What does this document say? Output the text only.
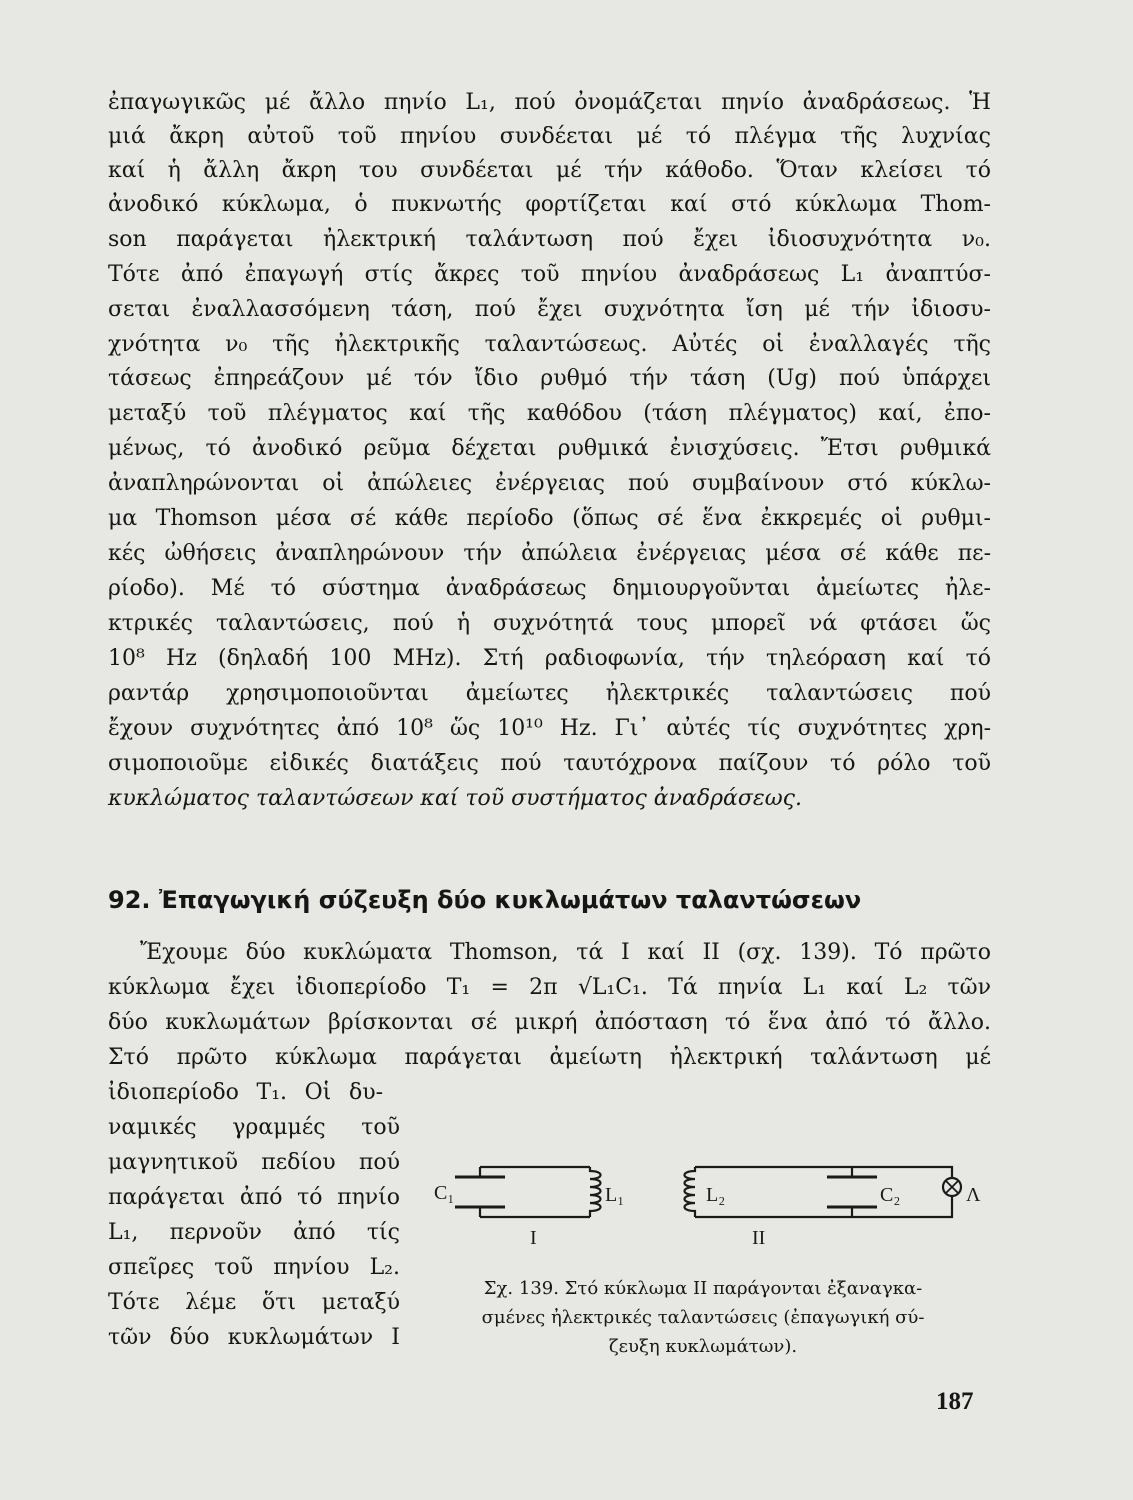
ἐπαγωγικῶς μέ ἄλλο πηνίο L₁, πού ὀνομάζεται πηνίο ἀναδράσεως. Ἡ
μιά ἄκρη αὐτοῦ τοῦ πηνίου συνδέεται μέ τό πλέγμα τῆς λυχνίας
καί ἡ ἄλλη ἄκρη του συνδέεται μέ τήν κάθοδο. Ὅταν κλείσει τό
ἀνοδικό κύκλωμα, ὁ πυκνωτής φορτίζεται καί στό κύκλωμα Thom-
son παράγεται ἠλεκτρική ταλάντωση πού ἔχει ἰδιοσυχνότητα ν₀.
Τότε ἀπό ἐπαγωγή στίς ἄκρες τοῦ πηνίου ἀναδράσεως L₁ ἀναπτύσ-
σεται ἐναλλασσόμενη τάση, πού ἔχει συχνότητα ἴση μέ τήν ἰδιοσυ-
χνότητα ν₀ τῆς ἠλεκτρικῆς ταλαντώσεως. Αὐτές οἱ ἐναλλαγές τῆς
τάσεως ἐπηρεάζουν μέ τόν ἴδιο ρυθμό τήν τάση (Ug) πού ὑπάρχει
μεταξύ τοῦ πλέγματος καί τῆς καθόδου (τάση πλέγματος) καί, ἐπο-
μένως, τό ἀνοδικό ρεῦμα δέχεται ρυθμικά ἐνισχύσεις. Ἔτσι ρυθμικά
ἀναπληρώνονται οἱ ἀπώλειες ἐνέργειας πού συμβαίνουν στό κύκλω-
μα Thomson μέσα σέ κάθε περίοδο (ὅπως σέ ἕνα ἐκκρεμές οἱ ρυθμι-
κές ὠθήσεις ἀναπληρώνουν τήν ἀπώλεια ἐνέργειας μέσα σέ κάθε πε-
ρίοδο). Μέ τό σύστημα ἀναδράσεως δημιουργοῦνται ἀμείωτες ἠλε-
κτρικές ταλαντώσεις, πού ἡ συχνότητά τους μπορεῖ νά φτάσει ὥς
10⁸ Hz (δηλαδή 100 MHz). Στή ραδιοφωνία, τήν τηλεόραση καί τό
ραντάρ χρησιμοποιοῦνται ἀμείωτες ἠλεκτρικές ταλαντώσεις πού
ἔχουν συχνότητες ἀπό 10⁸ ὥς 10¹⁰ Hz. Γι᾿ αὐτές τίς συχνότητες χρη-
σιμοποιοῦμε εἰδικές διατάξεις πού ταυτόχρονα παίζουν τό ρόλο τοῦ
κυκλώματος ταλαντώσεων καί τοῦ συστήματος ἀναδράσεως.
92. Ἐπαγωγική σύζευξη δύο κυκλωμάτων ταλαντώσεων
Ἔχουμε δύο κυκλώματα Thomson, τά I καί II (σχ. 139). Τό πρῶτο
κύκλωμα ἔχει ἰδιοπερίοδο T₁ = 2π √L₁C₁. Τά πηνία L₁ καί L₂ τῶν
δύο κυκλωμάτων βρίσκονται σέ μικρή ἀπόσταση τό ἕνα ἀπό τό ἄλλο.
Στό πρῶτο κύκλωμα παράγεται ἀμείωτη ἠλεκτρική ταλάντωση μέ
ἰδιοπερίοδο T₁. Οἱ δυ-
ναμικές γραμμές τοῦ
μαγνητικοῦ πεδίου πού
παράγεται ἀπό τό πηνίο
L₁, περνοῦν ἀπό τίς
σπεῖρες τοῦ πηνίου L₂.
Τότε λέμε ὅτι μεταξύ
τῶν δύο κυκλωμάτων I
C₁	L₁	L₂	C₂	Λ
I	II
Σχ. 139. Στό κύκλωμα II παράγονται ἐξαναγκα-
σμένες ἠλεκτρικές ταλαντώσεις (ἐπαγωγική σύ-
ζευξη κυκλωμάτων).
187
